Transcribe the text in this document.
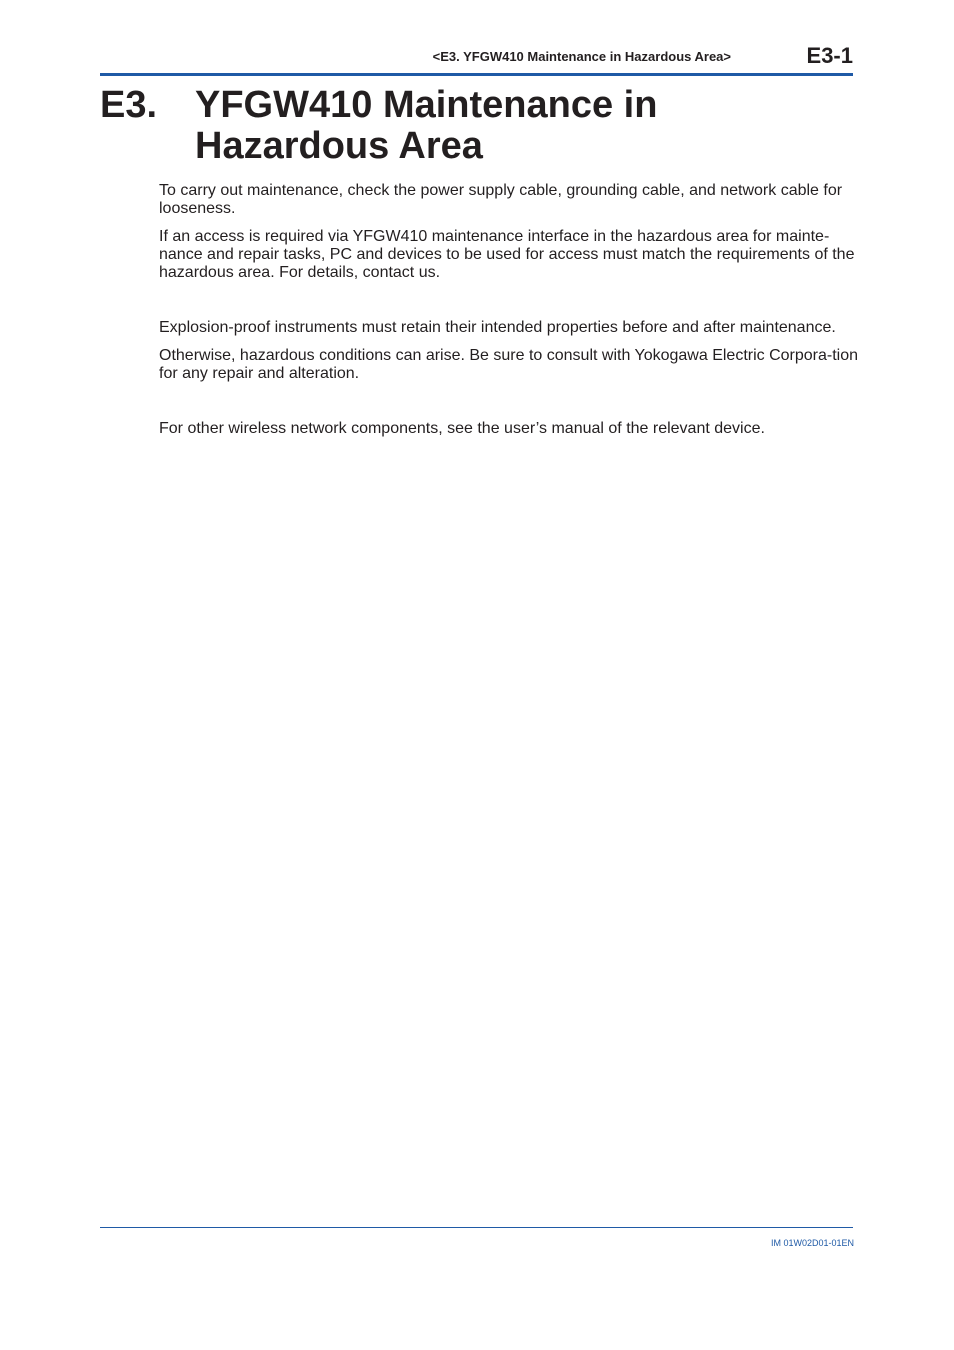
<E3. YFGW410 Maintenance in Hazardous Area>	E3-1
E3. YFGW410 Maintenance in Hazardous Area

To carry out maintenance, check the power supply cable, grounding cable, and network cable for looseness.

If an access is required via YFGW410 maintenance interface in the hazardous area for mainte-nance and repair tasks, PC and devices to be used for access must match the requirements of the hazardous area. For details, contact us.

Explosion-proof instruments must retain their intended properties before and after maintenance.

Otherwise, hazardous conditions can arise. Be sure to consult with Yokogawa Electric Corpora-tion for any repair and alteration.

For other wireless network components, see the user’s manual of the relevant device.

IM 01W02D01-01EN
